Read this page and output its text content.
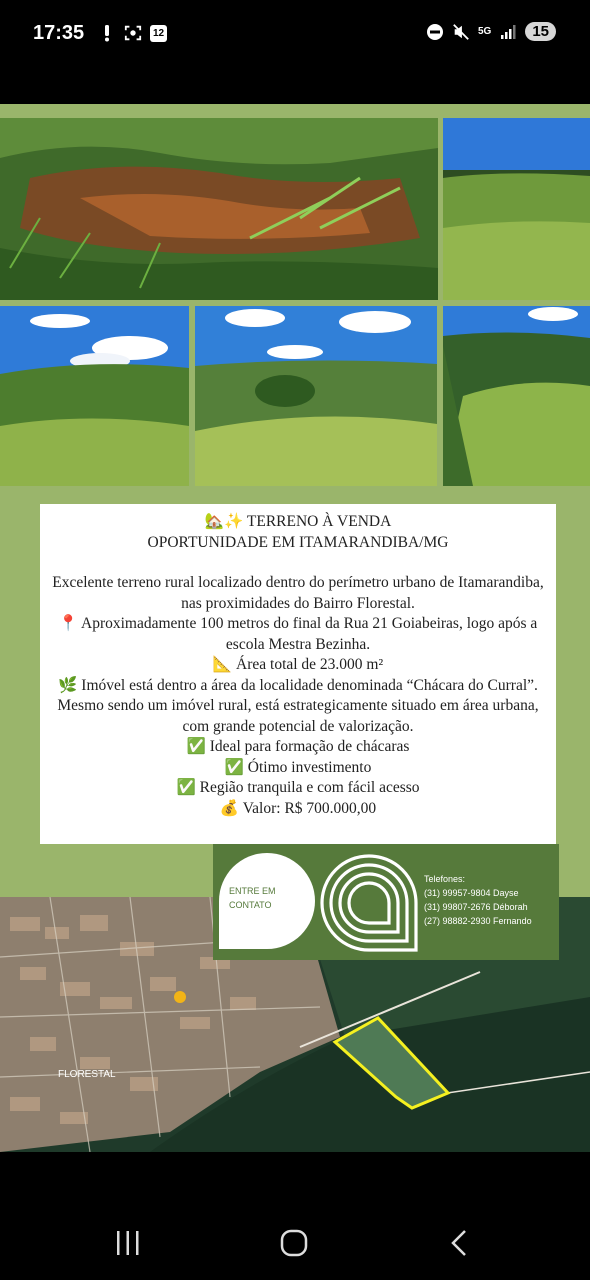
17:35	12	5G	15

🏡✨ TERRENO À VENDA

OPORTUNIDADE EM ITAMARANDIBA/MG

Excelente terreno rural localizado dentro do perímetro urbano de Itamarandiba, nas proximidades do Bairro Florestal.

📍 Aproximadamente 100 metros do final da Rua 21 Goiabeiras, logo após a escola Mestra Bezinha.

📐 Área total de 23.000 m²

🌿 Imóvel está dentro a área da localidade denominada “Chácara do Curral”.

Mesmo sendo um imóvel rural, está estrategicamente situado em área urbana, com grande potencial de valorização.

✅ Ideal para formação de chácaras

✅ Ótimo investimento

✅ Região tranquila e com fácil acesso

💰 Valor: R$ 700.000,00

FLORESTAL
ENTRE EM
CONTATO
Telefones:
(31) 99957-9804 Dayse
(31) 99807-2676 Déborah
(27) 98882-2930 Fernando
